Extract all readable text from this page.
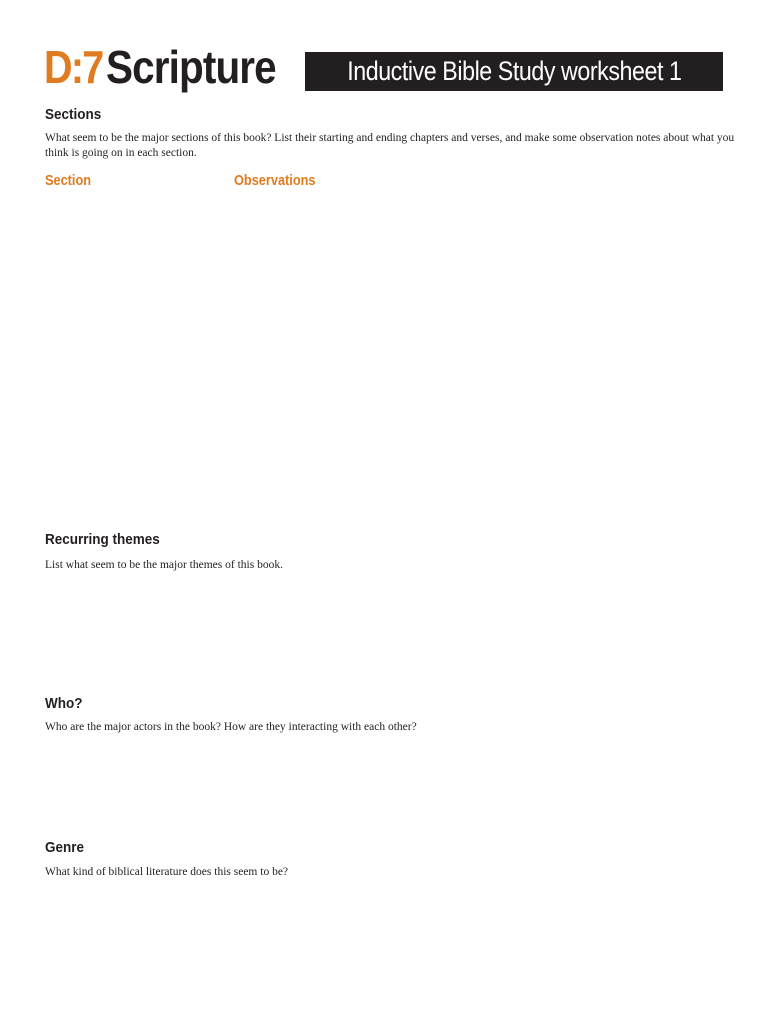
D:7 Scripture	Inductive Bible Study worksheet 1
Sections
What seem to be the major sections of this book? List their starting and ending chapters and verses, and make some observation notes about what you think is going on in each section.
Section	Observations
Recurring themes
List what seem to be the major themes of this book.
Who?
Who are the major actors in the book? How are they interacting with each other?
Genre
What kind of biblical literature does this seem to be?
